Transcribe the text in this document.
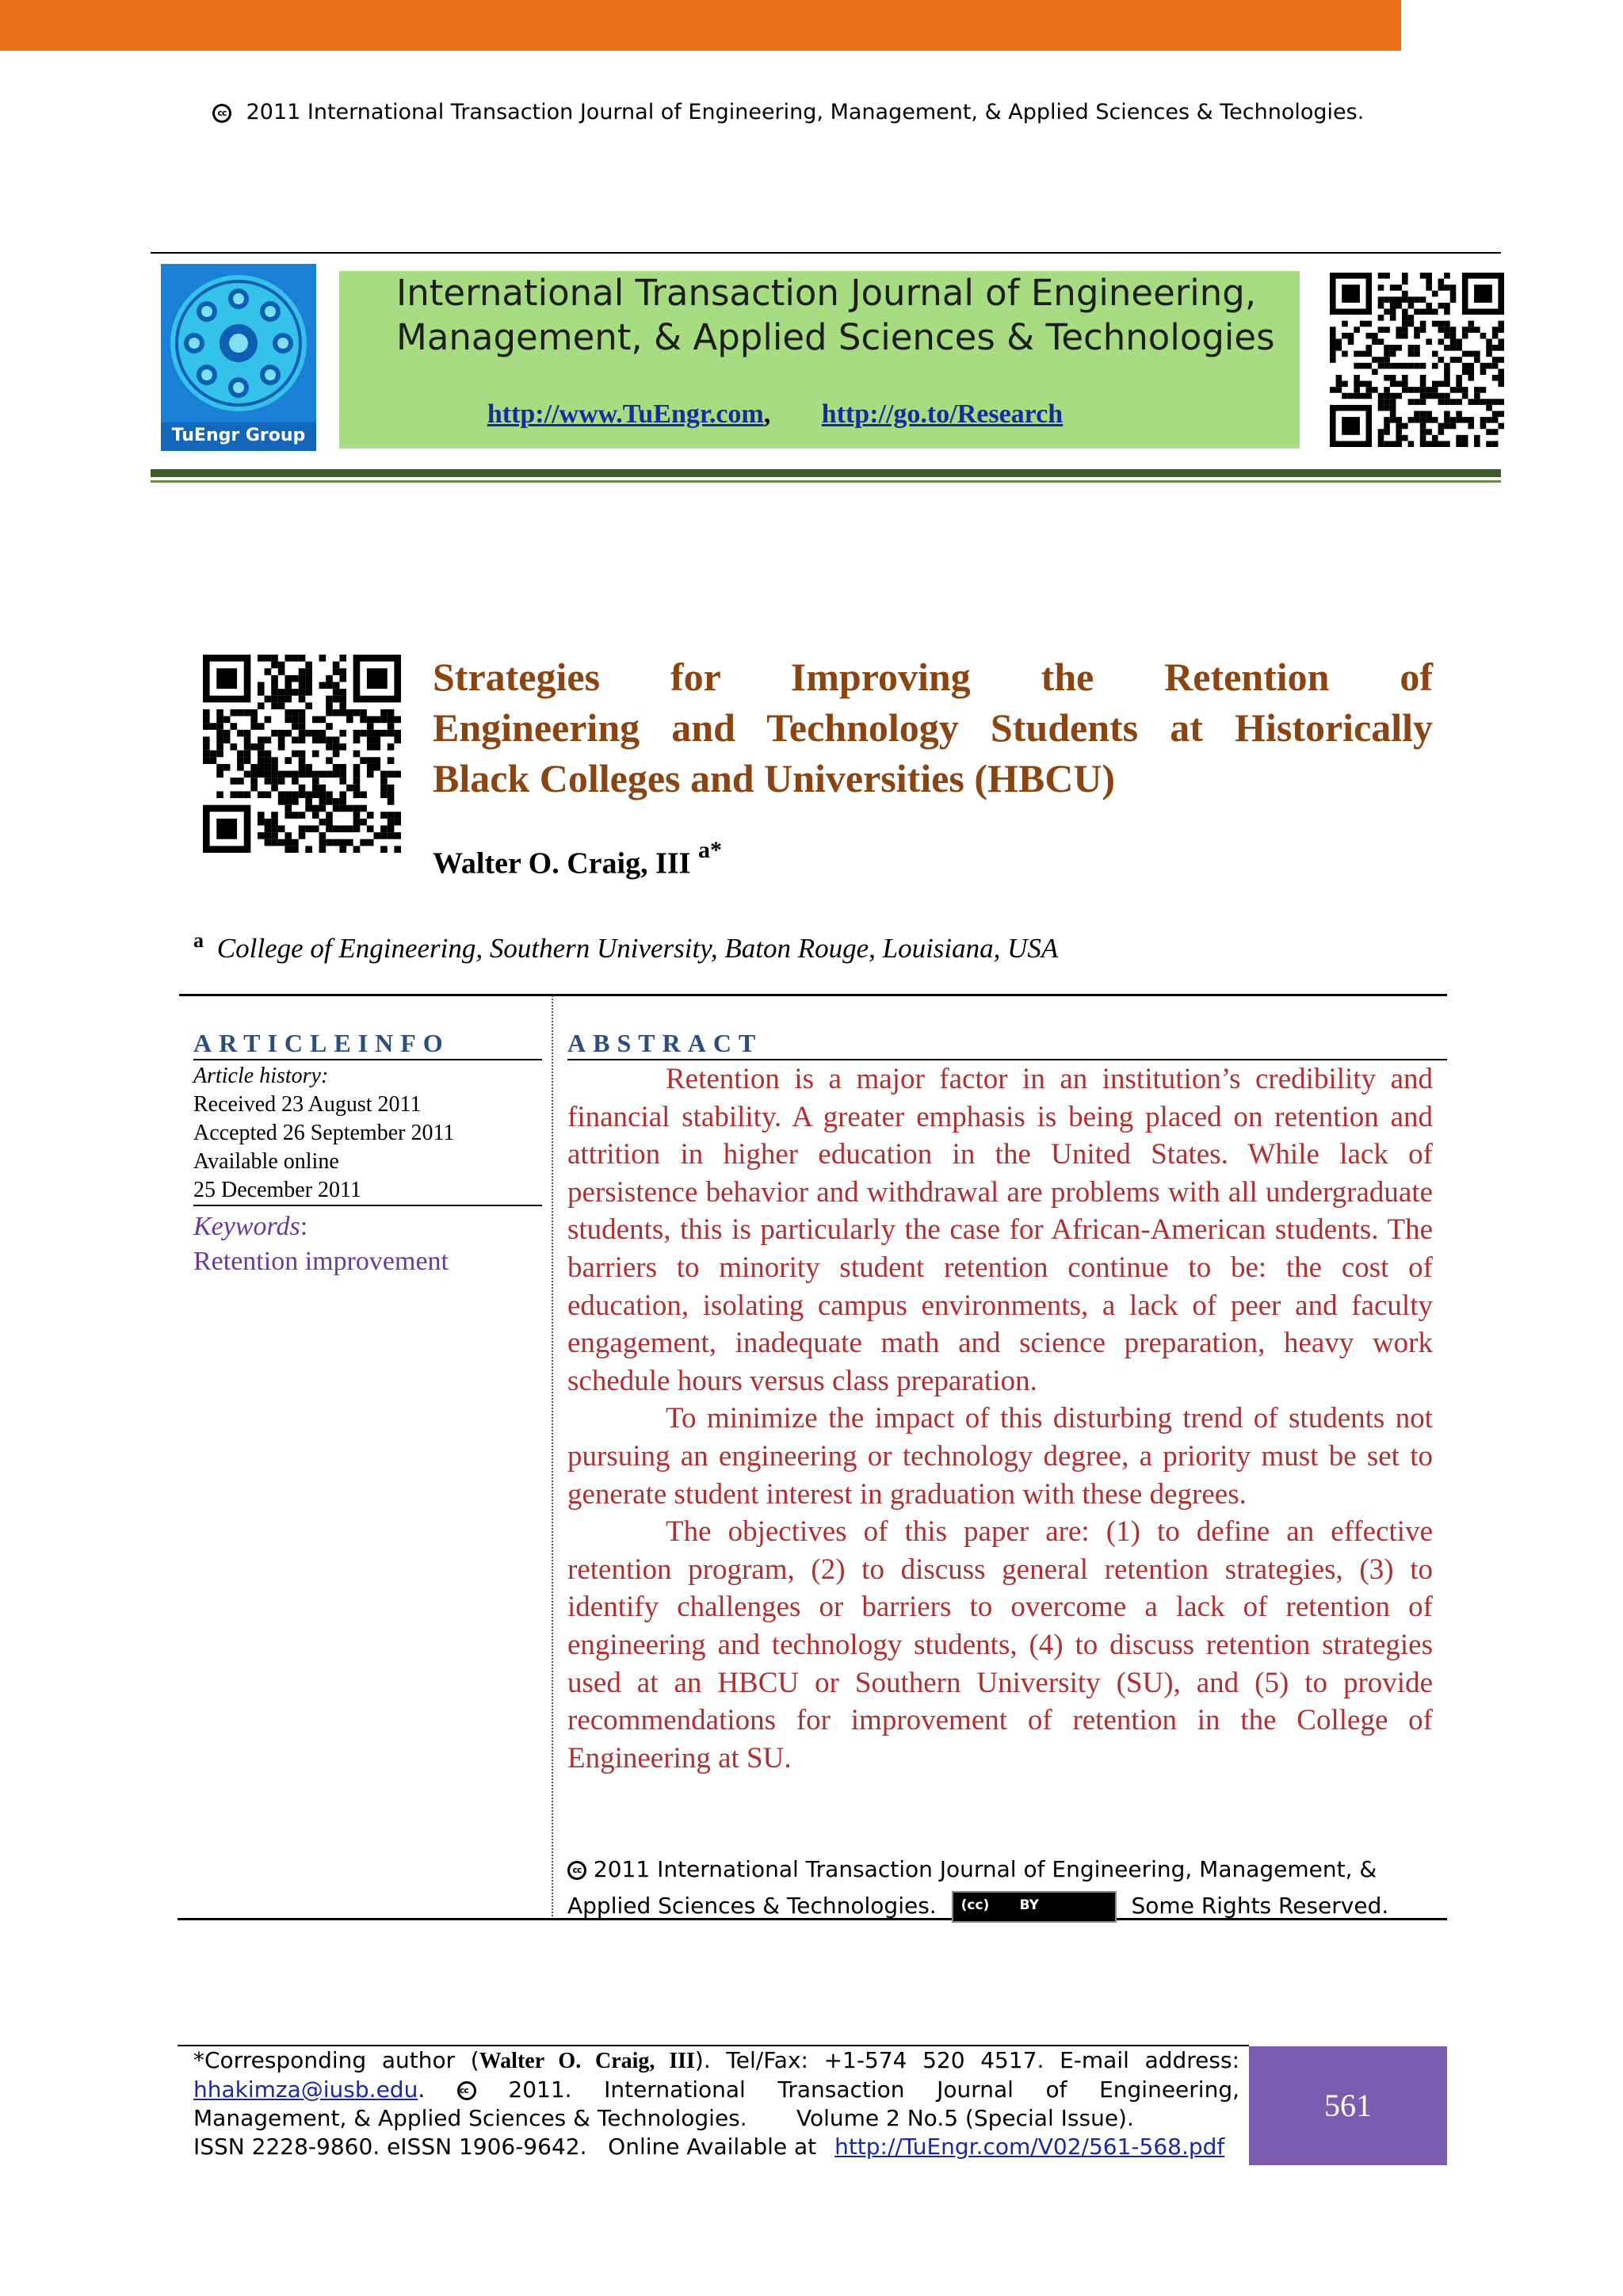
cc 2011 International Transaction Journal of Engineering, Management, & Applied Sciences & Technologies.
TuEngr Group
International Transaction Journal of Engineering,
Management, & Applied Sciences & Technologies
http://www.TuEngr.com, http://go.to/Research
Strategies for Improving the Retention of
Engineering and Technology Students at Historically
Black Colleges and Universities (HBCU)
Walter O. Craig, III $^{a*}$
$^a$ College of Engineering, Southern University, Baton Rouge, Louisiana, USA
ARTICLEINFO
Article history:
Received 23 August 2011
Accepted 26 September 2011
Available online
25 December 2011
Keywords:
Retention improvement
ABSTRACT

Retention is a major factor in an institution’s credibility and financial stability. A greater emphasis is being placed on retention and attrition in higher education in the United States. While lack of persistence behavior and withdrawal are problems with all undergraduate students, this is particularly the case for African-American students. The barriers to minority student retention continue to be: the cost of education, isolating campus environments, a lack of peer and faculty engagement, inadequate math and science preparation, heavy work schedule hours versus class preparation.

To minimize the impact of this disturbing trend of students not pursuing an engineering or technology degree, a priority must be set to generate student interest in graduation with these degrees.

The objectives of this paper are: (1) to define an effective retention program, (2) to discuss general retention strategies, (3) to identify challenges or barriers to overcome a lack of retention of engineering and technology students, (4) to discuss retention strategies used at an HBCU or Southern University (SU), and (5) to provide recommendations for improvement of retention in the College of Engineering at SU.

cc 2011 International Transaction Journal of Engineering, Management, &
Applied Sciences & Technologies. (cc) BY	Some Rights Reserved.
*Corresponding author (Walter O. Craig, III). Tel/Fax: +1-574 520 4517. E-mail address:
hhakimza@iusb.edu. cc 2011. International Transaction Journal of Engineering,
Management, & Applied Sciences & Technologies.       Volume 2 No.5 (Special Issue).
ISSN 2228-9860. eISSN 1906-9642.   Online Available at http://TuEngr.com/V02/561-568.pdf
561
